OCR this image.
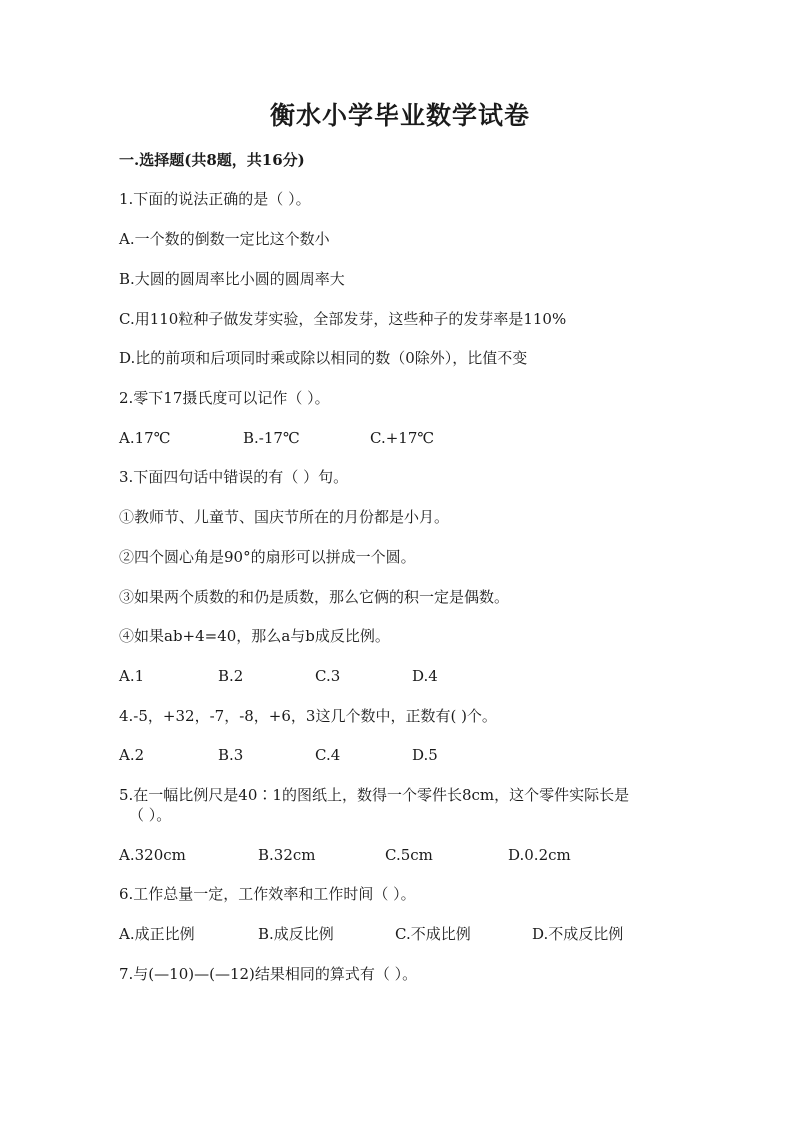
衡水小学毕业数学试卷
一.选择题(共8题，共16分)
1.下面的说法正确的是（ ）。
A.一个数的倒数一定比这个数小
B.大圆的圆周率比小圆的圆周率大
C.用110粒种子做发芽实验，全部发芽，这些种子的发芽率是110%
D.比的前项和后项同时乘或除以相同的数（0除外），比值不变
2.零下17摄氏度可以记作（ ）。
A.17℃	B.-17℃	C.+17℃
3.下面四句话中错误的有（ ）句。
①教师节、儿童节、国庆节所在的月份都是小月。
②四个圆心角是90°的扇形可以拼成一个圆。
③如果两个质数的和仍是质数，那么它俩的积一定是偶数。
④如果ab+4=40，那么a与b成反比例。
A.1	B.2	C.3	D.4
4.-5，+32，-7，-8，+6，3这几个数中，正数有( )个。
A.2	B.3	C.4	D.5
5.在一幅比例尺是40∶1的图纸上，数得一个零件长8cm，这个零件实际长是
（ ）。
A.320cm	B.32cm	C.5cm	D.0.2cm
6.工作总量一定，工作效率和工作时间（ ）。
A.成正比例	B.成反比例	C.不成比例	D.不成反比例
7.与(—10)—(—12)结果相同的算式有（ ）。
